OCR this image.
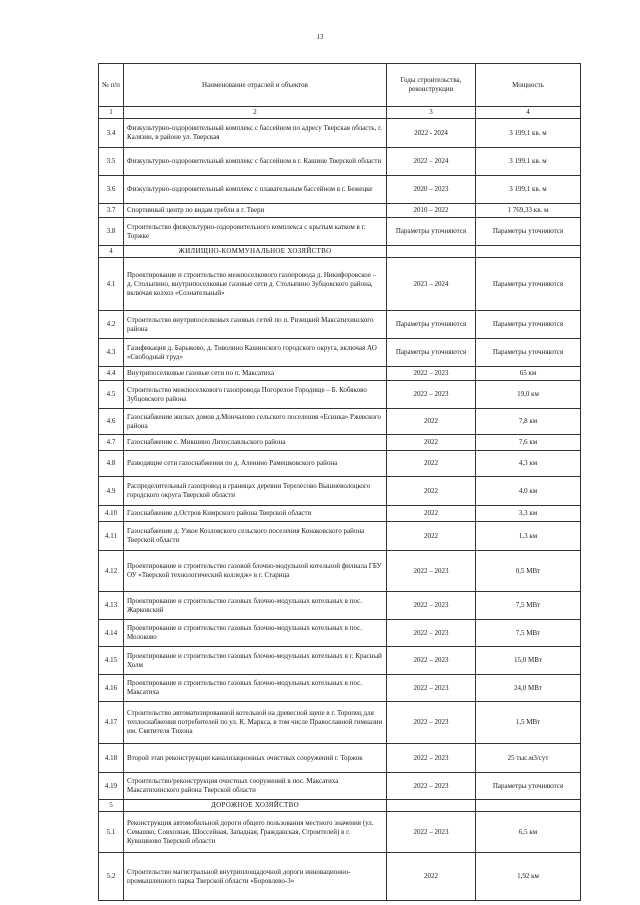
13
№ п/п	Наименование отраслей и объектов	Годы строительства, реконструкции	Мощность
1	2	3	4
3.4	Физкультурно-оздоровительный комплекс с бассейном по адресу Тверская область, г. Калязин, в районе ул. Тверская	2022 - 2024	3 199,1 кв. м
3.5	Физкультурно-оздоровительный комплекс с бассейном в г. Кашине Тверской области	2022 – 2024	3 199,1 кв. м
3.6	Физкультурно-оздоровительный комплекс с плавательным бассейном в г. Бежецке	2020 – 2023	3 199,1 кв. м
3.7	Спортивный центр по видам гребли в г. Твери	2010 – 2022	1 769,33 кв. м
3.8	Строительство физкультурно-оздоровительного комплекса с крытым катком в г. Торжке	Параметры уточняются	Параметры уточняются
4	ЖИЛИЩНО-КОММУНАЛЬНОЕ ХОЗЯЙСТВО		
4.1	Проектирование и строительство межпоселкового газопровода д. Никифоровское – д. Столыпино, внутрипоселковые газовые сети д. Столыпино Зубцовского района, включая колхоз «Сознательный»	2023 – 2024	Параметры уточняются
4.2	Строительство внутрипоселковых газовых сетей по п. Ризицкий Максатихинского района	Параметры уточняются	Параметры уточняются
4.3	Газификация д. Барыково, д. Тиволино Кашинского городского округа, включая АО «Свободный труд»	Параметры уточняются	Параметры уточняются
4.4	Внутрипоселковые газовые сети по п. Максатиха	2022 – 2023	65 км
4.5	Строительство межпоселкового газопровода Погорелое Городище – Б. Кобяково Зубцовского района	2022 – 2023	19,0 км
4.6	Газоснабжение жилых домов д.Мончалово сельского поселения «Есинка» Ржевского района	2022	7,8 км
4.7	Газоснабжение с. Микшино Лихославльского района	2022	7,6 км
4.8	Разводящие сети газоснабжения по д. Аленино Рамешковского района	2022	4,3 км
4.9	Распределительный газопровод в границах деревни Терелесово Вышневолоцкого городского округа Тверской области	2022	4,0 км
4.10	Газоснабжение д.Остров Кимрского района Тверской области	2022	3,3 км
4.11	Газоснабжение д. Узкое Козловского сельского поселения Конаковского района Тверской области	2022	1,3 км
4.12	Проектирование и строительство газовой блочно-модульной котельной филиала ГБУ ОУ «Тверской технологический колледж» в г. Старица	2022 – 2023	0,5 МВт
4.13	Проектирование и строительство газовых блочно-модульных котельных в пос. Жарковский	2022 – 2023	7,5 МВт
4.14	Проектирование и строительство газовых блочно-модульных котельных в пос. Молоково	2022 – 2023	7,5 МВт
4.15	Проектирование и строительство газовых блочно-модульных котельных в г. Красный Холм	2022 – 2023	15,0 МВт
4.16	Проектирование и строительство газовых блочно-модульных котельных в пос. Максатиха	2022 – 2023	24,0 МВт
4.17	Строительство автоматизированной котельной на древесной щепе в г. Торопец для теплоснабжения потребителей по ул. К. Маркса, в том числе Православной гимназии им. Святителя Тихона	2022 – 2023	1,5 МВт
4.18	Второй этап реконструкции канализационных очистных сооружений г. Торжок	2022 – 2023	25 тыс.м3/сут
4.19	Строительство/реконструкция очистных сооружений в пос. Максатиха Максатихинского района Тверской области	2022 – 2023	Параметры уточняются
5	ДОРОЖНОЕ ХОЗЯЙСТВО		
5.1	Реконструкция автомобильной дороги общего пользования местного значения (ул. Семашко, Совхозная, Шоссейная, Западная, Гражданская, Строителей) в г. Кувшиново Тверской области	2022 – 2023	6,5 км
5.2	Строительство магистральной внутриплощадочной дороги инновационно-промышленного парка Тверской области «Боровлево-3»	2022	1,92 км
